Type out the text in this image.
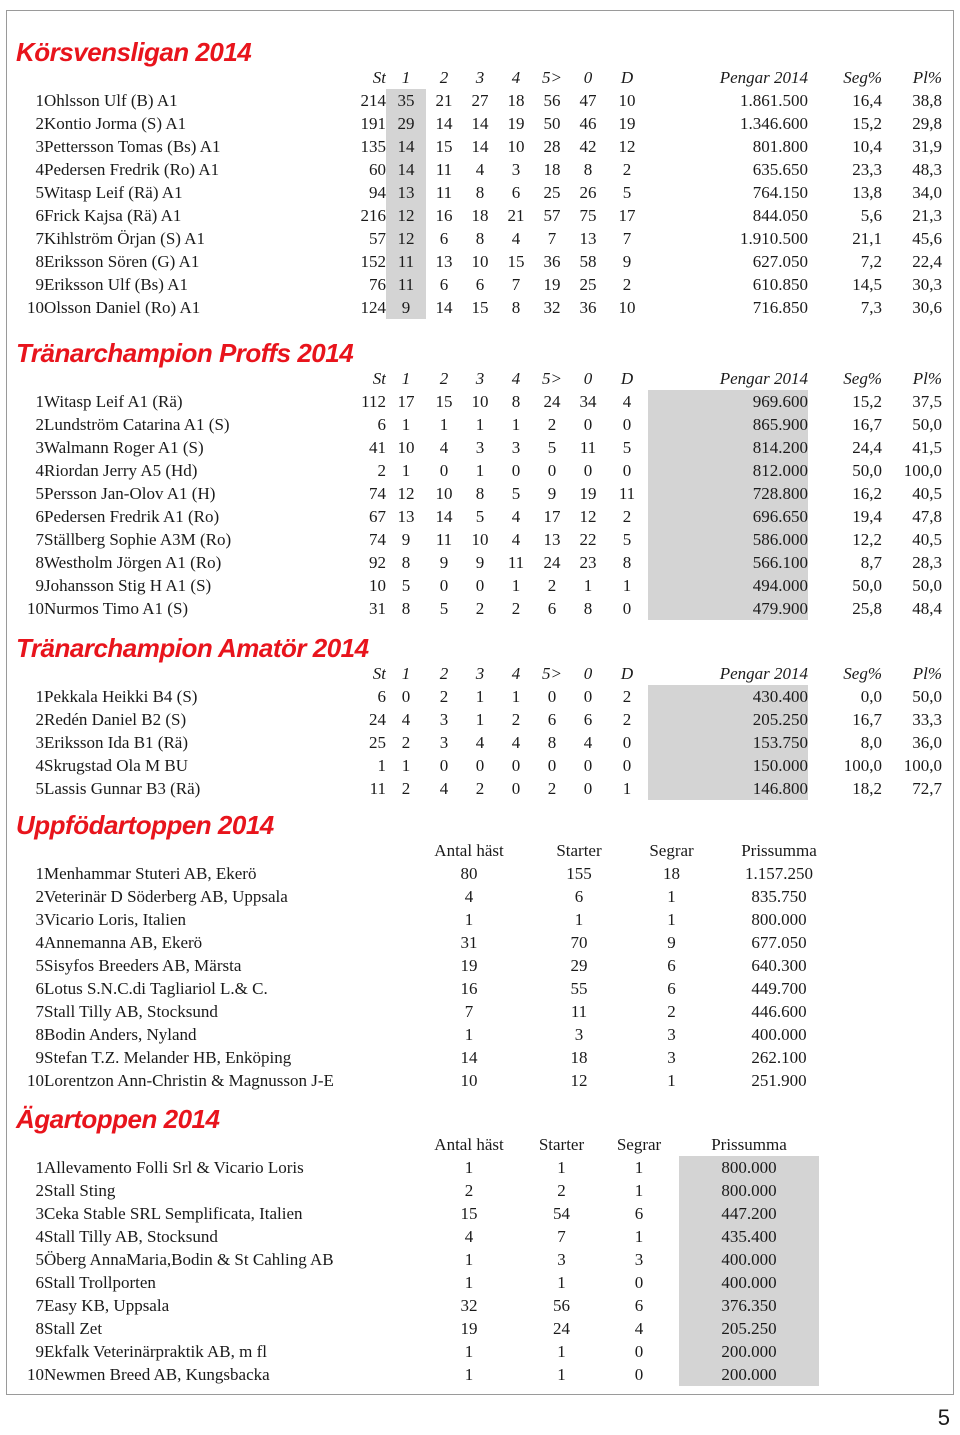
Körsvensligan 2014
		St	1	2	3	4	5>	0	D	Pengar 2014	Seg%	Pl%
1	Ohlsson Ulf (B) A1	214	35	21	27	18	56	47	10	1.861.500	16,4	38,8
2	Kontio Jorma (S) A1	191	29	14	14	19	50	46	19	1.346.600	15,2	29,8
3	Pettersson Tomas (Bs) A1	135	14	15	14	10	28	42	12	801.800	10,4	31,9
4	Pedersen Fredrik (Ro) A1	60	14	11	4	3	18	8	2	635.650	23,3	48,3
5	Witasp Leif (Rä) A1	94	13	11	8	6	25	26	5	764.150	13,8	34,0
6	Frick Kajsa (Rä) A1	216	12	16	18	21	57	75	17	844.050	5,6	21,3
7	Kihlström Örjan (S) A1	57	12	6	8	4	7	13	7	1.910.500	21,1	45,6
8	Eriksson Sören (G) A1	152	11	13	10	15	36	58	9	627.050	7,2	22,4
9	Eriksson Ulf (Bs) A1	76	11	6	6	7	19	25	2	610.850	14,5	30,3
10	Olsson Daniel (Ro) A1	124	9	14	15	8	32	36	10	716.850	7,3	30,6
Tränarchampion Proffs 2014
		St	1	2	3	4	5>	0	D	Pengar 2014	Seg%	Pl%
1	Witasp Leif A1 (Rä)	112	17	15	10	8	24	34	4	969.600	15,2	37,5
2	Lundström Catarina A1 (S)	6	1	1	1	1	2	0	0	865.900	16,7	50,0
3	Walmann Roger A1 (S)	41	10	4	3	3	5	11	5	814.200	24,4	41,5
4	Riordan Jerry A5 (Hd)	2	1	0	1	0	0	0	0	812.000	50,0	100,0
5	Persson Jan-Olov A1 (H)	74	12	10	8	5	9	19	11	728.800	16,2	40,5
6	Pedersen Fredrik A1 (Ro)	67	13	14	5	4	17	12	2	696.650	19,4	47,8
7	Ställberg Sophie A3M (Ro)	74	9	11	10	4	13	22	5	586.000	12,2	40,5
8	Westholm Jörgen A1 (Ro)	92	8	9	9	11	24	23	8	566.100	8,7	28,3
9	Johansson Stig H A1 (S)	10	5	0	0	1	2	1	1	494.000	50,0	50,0
10	Nurmos Timo A1 (S)	31	8	5	2	2	6	8	0	479.900	25,8	48,4
Tränarchampion Amatör 2014
		St	1	2	3	4	5>	0	D	Pengar 2014	Seg%	Pl%
1	Pekkala Heikki B4 (S)	6	0	2	1	1	0	0	2	430.400	0,0	50,0
2	Redén Daniel B2 (S)	24	4	3	1	2	6	6	2	205.250	16,7	33,3
3	Eriksson Ida B1 (Rä)	25	2	3	4	4	8	4	0	153.750	8,0	36,0
4	Skrugstad Ola M BU	1	1	0	0	0	0	0	0	150.000	100,0	100,0
5	Lassis Gunnar B3 (Rä)	11	2	4	2	0	2	0	1	146.800	18,2	72,7
Uppfödartoppen 2014
		Antal häst	Starter	Segrar	Prissumma
1	Menhammar Stuteri AB, Ekerö	80	155	18	1.157.250
2	Veterinär D Söderberg AB, Uppsala	4	6	1	835.750
3	Vicario Loris, Italien	1	1	1	800.000
4	Annemanna AB, Ekerö	31	70	9	677.050
5	Sisyfos Breeders AB, Märsta	19	29	6	640.300
6	Lotus S.N.C.di Tagliariol L.& C.	16	55	6	449.700
7	Stall Tilly AB, Stocksund	7	11	2	446.600
8	Bodin Anders, Nyland	1	3	3	400.000
9	Stefan T.Z. Melander HB, Enköping	14	18	3	262.100
10	Lorentzon Ann-Christin & Magnusson J-E	10	12	1	251.900
Ägartoppen 2014
		Antal häst	Starter	Segrar	Prissumma
1	Allevamento Folli Srl & Vicario Loris	1	1	1	800.000
2	Stall Sting	2	2	1	800.000
3	Ceka Stable SRL Semplificata, Italien	15	54	6	447.200
4	Stall Tilly AB, Stocksund	4	7	1	435.400
5	Öberg AnnaMaria,Bodin & St Cahling AB	1	3	3	400.000
6	Stall Trollporten	1	1	0	400.000
7	Easy KB, Uppsala	32	56	6	376.350
8	Stall Zet	19	24	4	205.250
9	Ekfalk Veterinärpraktik AB, m fl	1	1	0	200.000
10	Newmen Breed AB, Kungsbacka	1	1	0	200.000
5
